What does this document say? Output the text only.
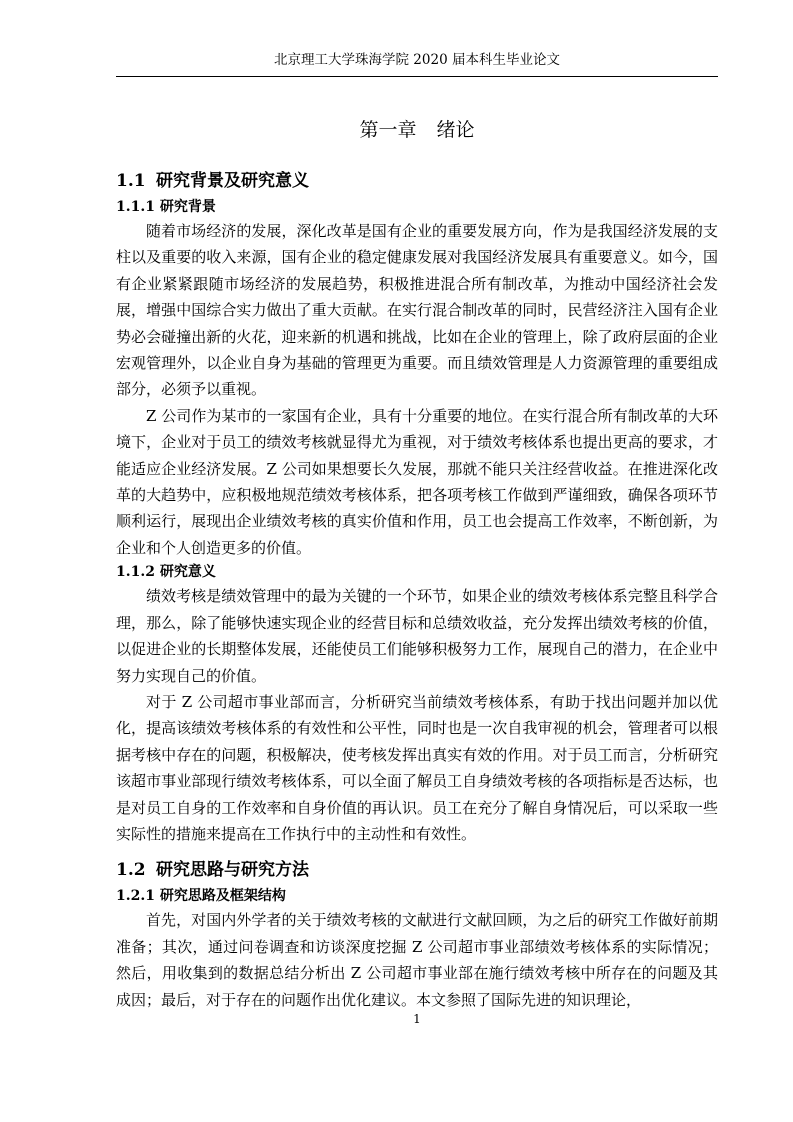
北京理工大学珠海学院 2020 届本科生毕业论文
第一章 绪论
1.1 研究背景及研究意义
1.1.1 研究背景

随着市场经济的发展，深化改革是国有企业的重要发展方向，作为是我国经济发展的支柱以及重要的收入来源，国有企业的稳定健康发展对我国经济发展具有重要意义。如今，国有企业紧紧跟随市场经济的发展趋势，积极推进混合所有制改革，为推动中国经济社会发展，增强中国综合实力做出了重大贡献。在实行混合制改革的同时，民营经济注入国有企业势必会碰撞出新的火花，迎来新的机遇和挑战，比如在企业的管理上，除了政府层面的企业宏观管理外，以企业自身为基础的管理更为重要。而且绩效管理是人力资源管理的重要组成部分，必须予以重视。

Z 公司作为某市的一家国有企业，具有十分重要的地位。在实行混合所有制改革的大环境下，企业对于员工的绩效考核就显得尤为重视，对于绩效考核体系也提出更高的要求，才能适应企业经济发展。Z 公司如果想要长久发展，那就不能只关注经营收益。在推进深化改革的大趋势中，应积极地规范绩效考核体系，把各项考核工作做到严谨细致，确保各项环节顺利运行，展现出企业绩效考核的真实价值和作用，员工也会提高工作效率，不断创新，为企业和个人创造更多的价值。

1.1.2 研究意义

绩效考核是绩效管理中的最为关键的一个环节，如果企业的绩效考核体系完整且科学合理，那么，除了能够快速实现企业的经营目标和总绩效收益，充分发挥出绩效考核的价值，以促进企业的长期整体发展，还能使员工们能够积极努力工作，展现自己的潜力，在企业中努力实现自己的价值。

对于 Z 公司超市事业部而言，分析研究当前绩效考核体系，有助于找出问题并加以优化，提高该绩效考核体系的有效性和公平性，同时也是一次自我审视的机会，管理者可以根据考核中存在的问题，积极解决，使考核发挥出真实有效的作用。对于员工而言，分析研究该超市事业部现行绩效考核体系，可以全面了解员工自身绩效考核的各项指标是否达标，也是对员工自身的工作效率和自身价值的再认识。员工在充分了解自身情况后，可以采取一些实际性的措施来提高在工作执行中的主动性和有效性。

1.2 研究思路与研究方法
1.2.1 研究思路及框架结构

首先，对国内外学者的关于绩效考核的文献进行文献回顾，为之后的研究工作做好前期准备；其次，通过问卷调查和访谈深度挖掘 Z 公司超市事业部绩效考核体系的实际情况；然后，用收集到的数据总结分析出 Z 公司超市事业部在施行绩效考核中所存在的问题及其成因；最后，对于存在的问题作出优化建议。本文参照了国际先进的知识理论，

1
